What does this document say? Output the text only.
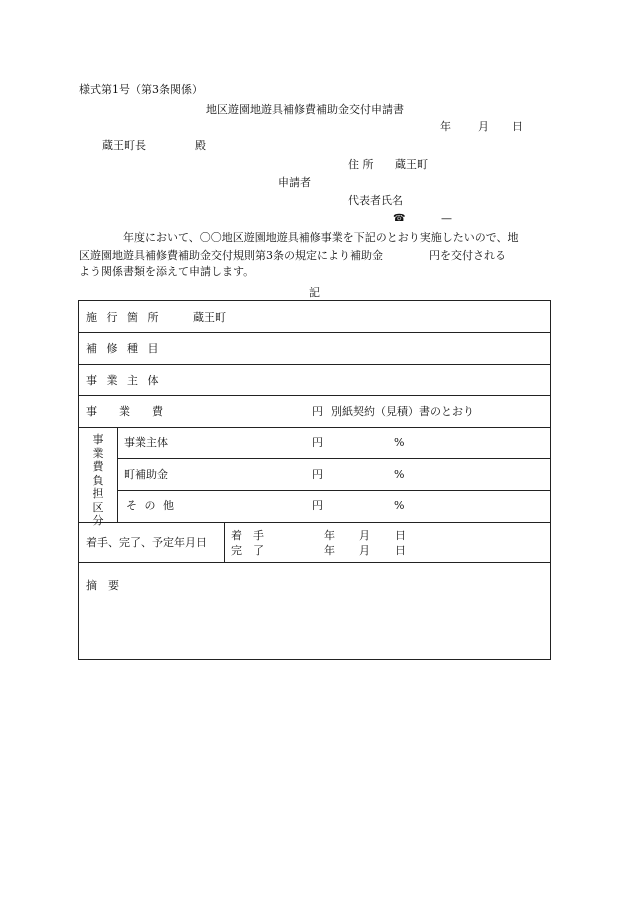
様式第1号（第3条関係）
地区遊園地遊具補修費補助金交付申請書
年 月 日
蔵王町長	殿
住 所 蔵王町
申請者
代表者氏名
☎	—
年度において、〇〇地区遊園地遊具補修事業を下記のとおり実施したいので、地
区遊園地遊具補修費補助金交付規則第3条の規定により補助金	円を交付される
よう関係書類を添えて申請します。
記
施 行 箇 所	蔵王町
補 修 種 目
事 業 主 体
事　　業　　費	円 別紙契約（見積）書のとおり
事業費負担区分
事業主体	円	%
町補助金	円	%
そ の 他	円	%
着手、完了、予定年月日
着　手	年 月 日
完　了	年 月 日
摘　要
